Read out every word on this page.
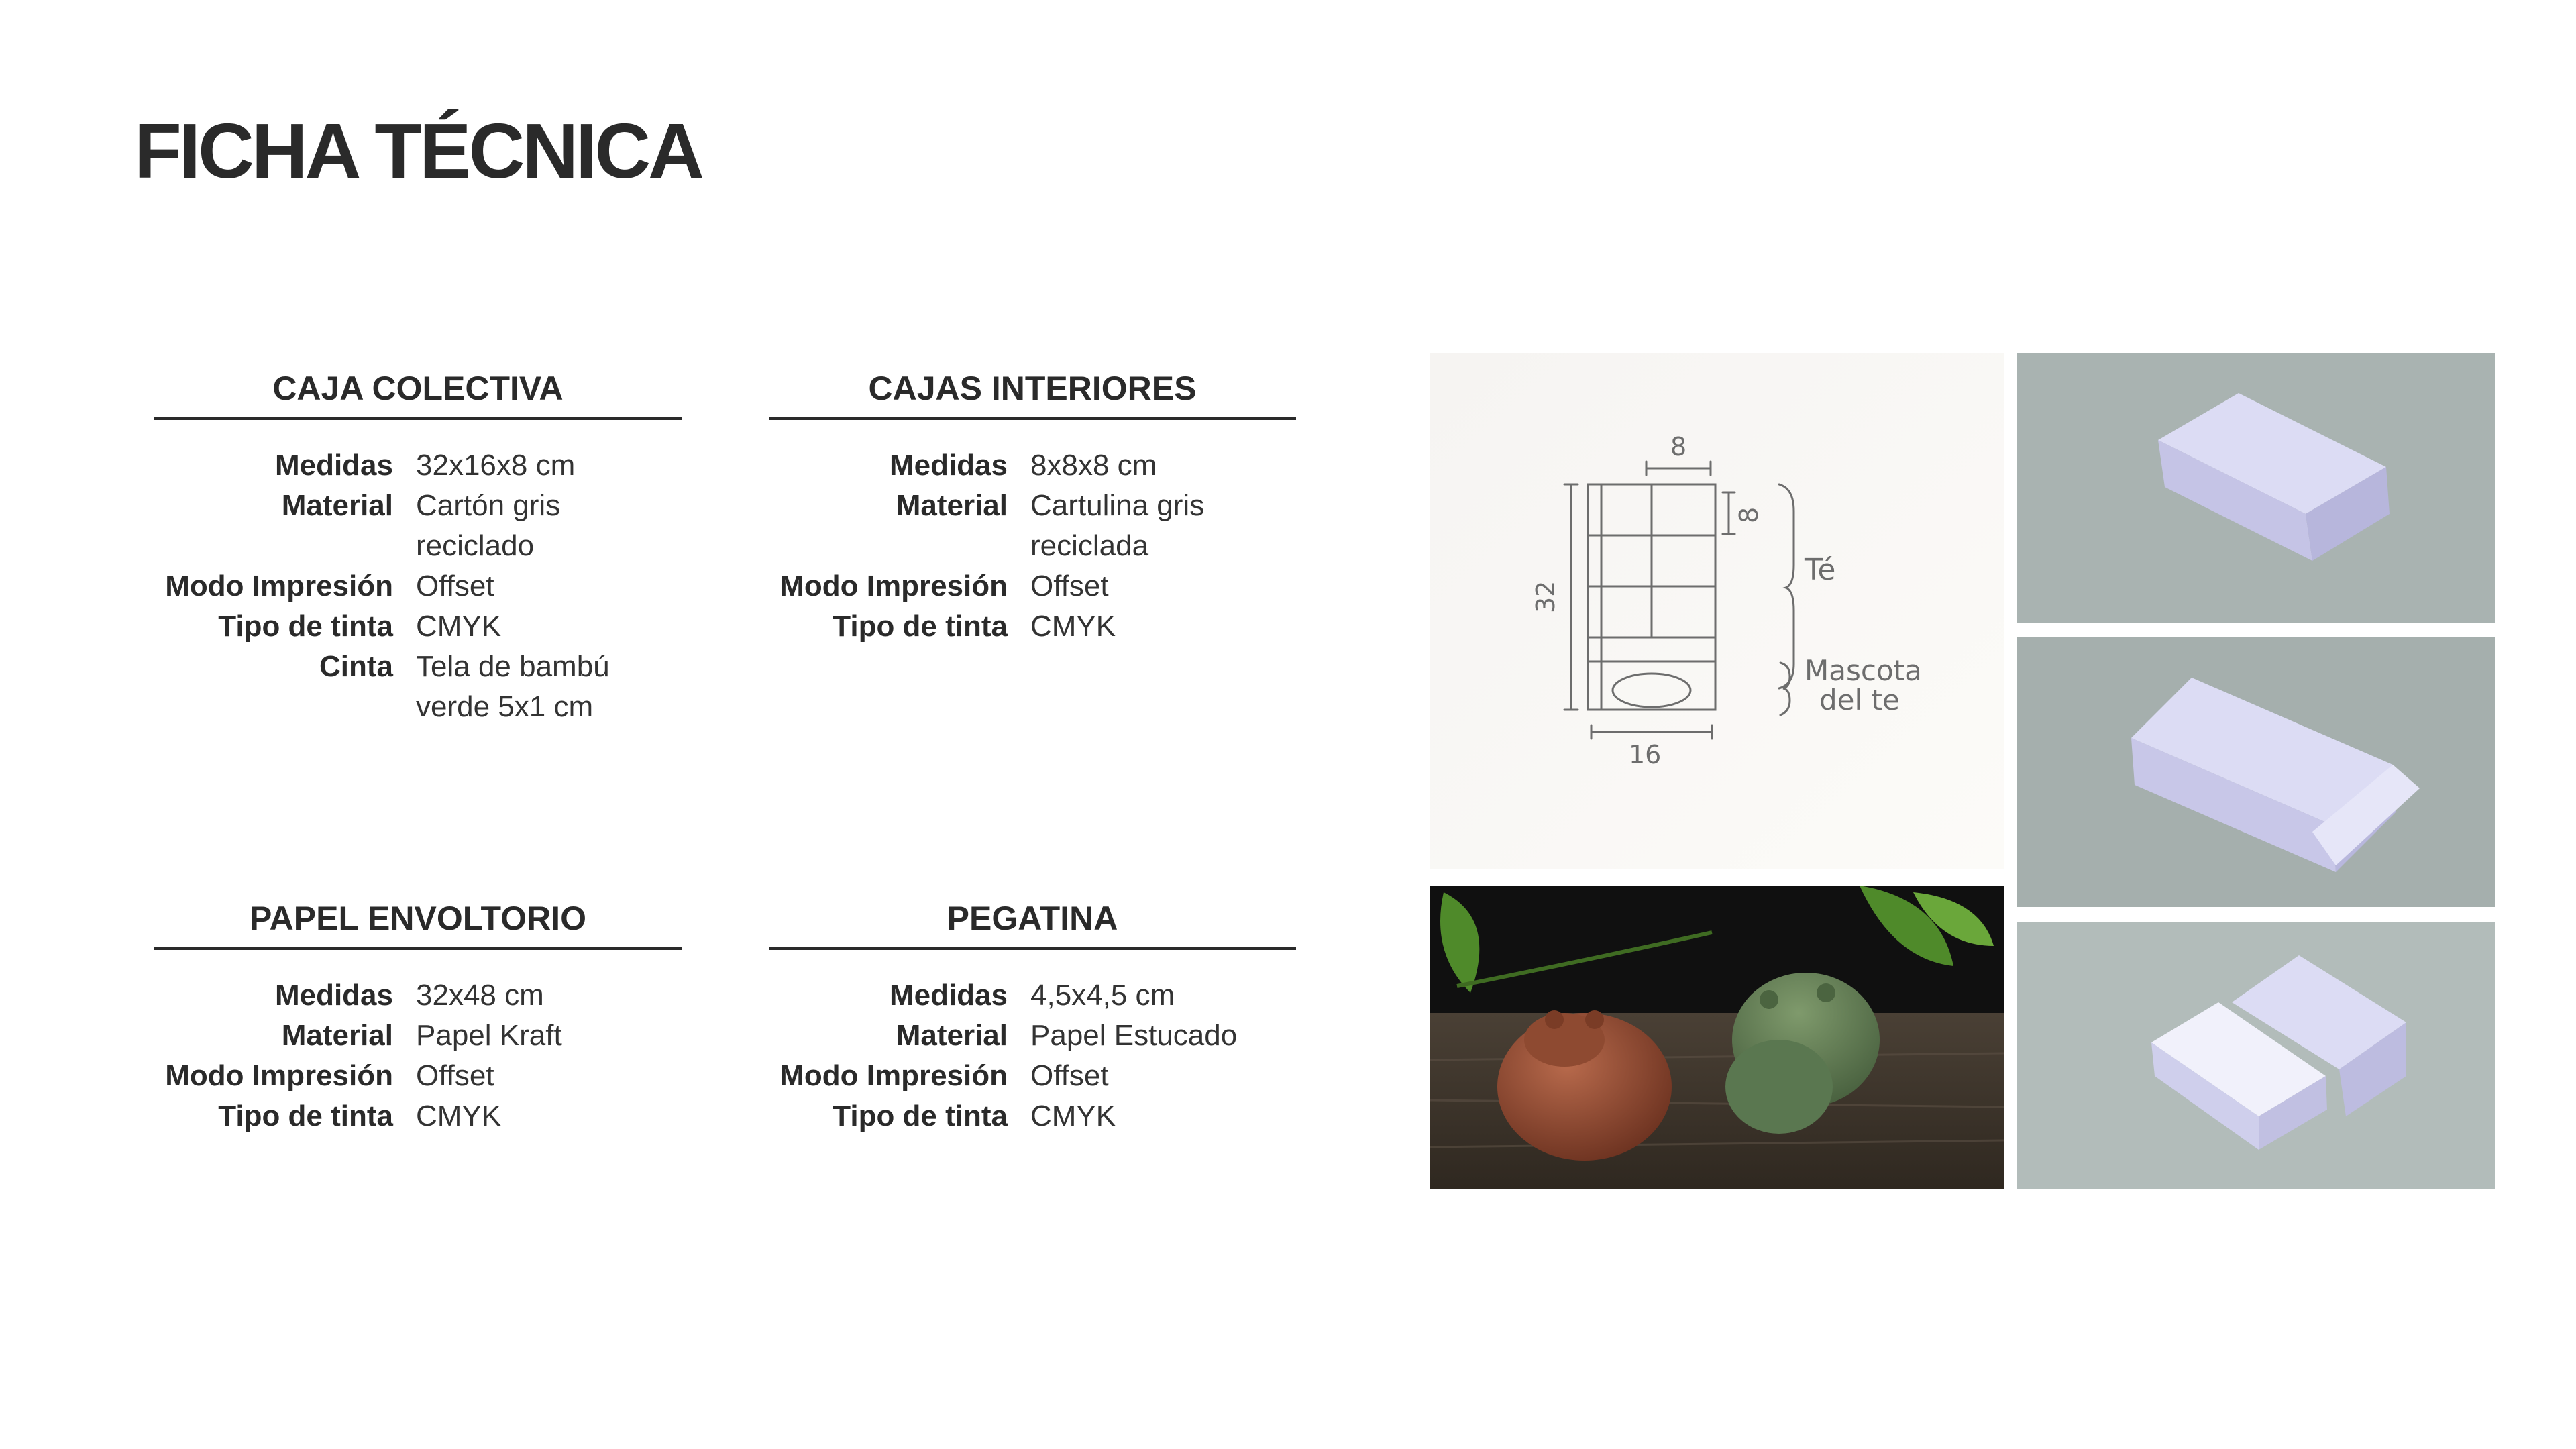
FICHA TÉCNICA
CAJA COLECTIVA
Medidas 32x16x8 cm
Material Cartón gris reciclado
Modo Impresión Offset
Tipo de tinta CMYK
Cinta Tela de bambú
verde 5x1 cm
CAJAS INTERIORES
Medidas 8x8x8 cm
Material Cartulina gris reciclada
Modo Impresión Offset
Tipo de tinta CMYK
PAPEL ENVOLTORIO
Medidas 32x48 cm
Material Papel Kraft
Modo Impresión Offset
Tipo de tinta CMYK
PEGATINA
Medidas 4,5x4,5 cm
Material Papel Estucado
Modo Impresión Offset
Tipo de tinta CMYK
8
32
16
8
Té
Mascota
del te
